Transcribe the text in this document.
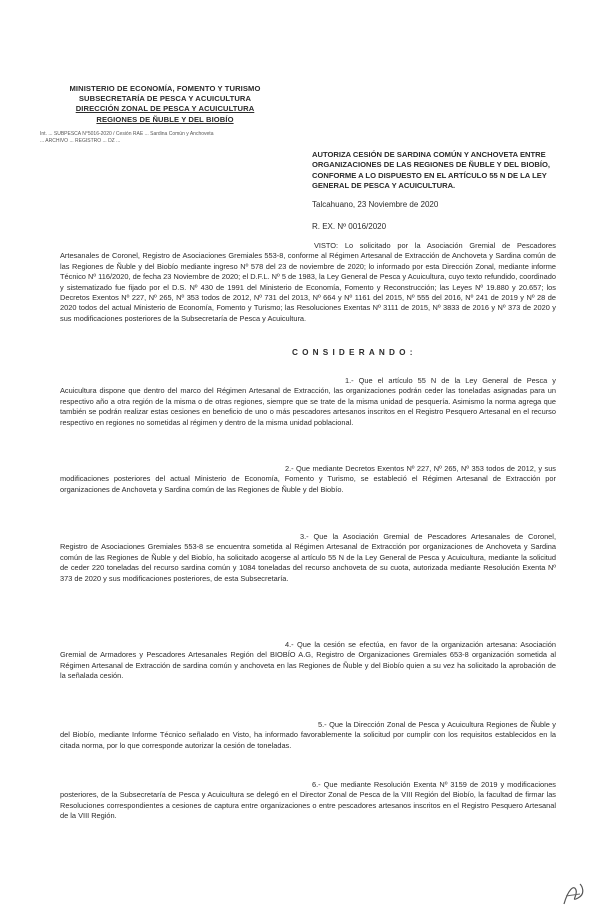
MINISTERIO DE ECONOMÍA, FOMENTO Y TURISMO
SUBSECRETARÍA DE PESCA Y ACUICULTURA
DIRECCIÓN ZONAL DE PESCA Y ACUICULTURA
REGIONES DE ÑUBLE Y DEL BIOBÍO
Int. ... SUBPESCA N°5016-2020 / Cesión RAE ... Sardina Común y Anchoveta
... ARCHIVO ... REGISTRO ... DZ ...
AUTORIZA CESIÓN DE SARDINA COMÚN Y ANCHOVETA ENTRE ORGANIZACIONES DE LAS REGIONES DE ÑUBLE Y DEL BIOBÍO, CONFORME A LO DISPUESTO EN EL ARTÍCULO 55 N DE LA LEY GENERAL DE PESCA Y ACUICULTURA.
Talcahuano, 23 Noviembre de 2020
R. EX. Nº 0016/2020
VISTO: Lo solicitado por la Asociación Gremial de Pescadores Artesanales de Coronel, Registro de Asociaciones Gremiales 553-8, conforme al Régimen Artesanal de Extracción de Anchoveta y Sardina común de las Regiones de Ñuble y del Biobío mediante ingreso Nº 578 del 23 de noviembre de 2020; lo informado por esta Dirección Zonal, mediante informe Técnico Nº 116/2020, de fecha 23 Noviembre de 2020; el D.F.L. Nº 5 de 1983, la Ley General de Pesca y Acuicultura, cuyo texto refundido, coordinado y sistematizado fue fijado por el D.S. Nº 430 de 1991 del Ministerio de Economía, Fomento y Reconstrucción; las Leyes Nº 19.880 y 20.657; los Decretos Exentos Nº 227, Nº 265, Nº 353 todos de 2012, Nº 731 del 2013, Nº 664 y Nº 1161 del 2015, Nº 555 del 2016, Nº 241 de 2019 y Nº 28 de 2020 todos del actual Ministerio de Economía, Fomento y Turismo; las Resoluciones Exentas Nº 3111 de 2015, Nº 3833 de 2016 y Nº 373 de 2020 y sus modificaciones posteriores de la Subsecretaría de Pesca y Acuicultura.
CONSIDERANDO:
1.- Que el artículo 55 N de la Ley General de Pesca y Acuicultura dispone que dentro del marco del Régimen Artesanal de Extracción, las organizaciones podrán ceder las toneladas asignadas para un respectivo año a otra región de la misma o de otras regiones, siempre que se trate de la misma unidad de pesquería. Asimismo la norma agrega que también se podrán realizar estas cesiones en beneficio de uno o más pescadores artesanos inscritos en el Registro Pesquero Artesanal en el recurso respectivo en regiones no sometidas al régimen y dentro de la misma unidad poblacional.
2.- Que mediante Decretos Exentos Nº 227, Nº 265, Nº 353 todos de 2012, y sus modificaciones posteriores del actual Ministerio de Economía, Fomento y Turismo, se estableció el Régimen Artesanal de Extracción por organizaciones de Anchoveta y Sardina común de las Regiones de Ñuble y del Biobío.
3.- Que la Asociación Gremial de Pescadores Artesanales de Coronel, Registro de Asociaciones Gremiales 553-8 se encuentra sometida al Régimen Artesanal de Extracción por organizaciones de Anchoveta y Sardina común de las Regiones de Ñuble y del Biobío, ha solicitado acogerse al artículo 55 N de la Ley General de Pesca y Acuicultura, mediante la solicitud de ceder 220 toneladas del recurso sardina común y 1084 toneladas del recurso anchoveta de su cuota, autorizada mediante Resolución Exenta Nº 373 de 2020 y sus modificaciones posteriores, de esta Subsecretaría.
4.- Que la cesión se efectúa, en favor de la organización artesana: Asociación Gremial de Armadores y Pescadores Artesanales Región del BIOBÍO A.G, Registro de Organizaciones Gremiales 653-8 organización sometida al Régimen Artesanal de Extracción de sardina común y anchoveta en las Regiones de Ñuble y del Biobío quien a su vez ha solicitado la aprobación de la señalada cesión.
5.- Que la Dirección Zonal de Pesca y Acuicultura Regiones de Ñuble y del Biobío, mediante Informe Técnico señalado en Visto, ha informado favorablemente la solicitud por cumplir con los requisitos establecidos en la citada norma, por lo que corresponde autorizar la cesión de toneladas.
6.- Que mediante Resolución Exenta Nº 3159 de 2019 y modificaciones posteriores, de la Subsecretaría de Pesca y Acuicultura se delegó en el Director Zonal de Pesca de la VIII Región del Biobío, la facultad de firmar las Resoluciones correspondientes a cesiones de captura entre organizaciones o entre pescadores artesanos inscritos en el Registro Pesquero Artesanal de la VIII Región.
